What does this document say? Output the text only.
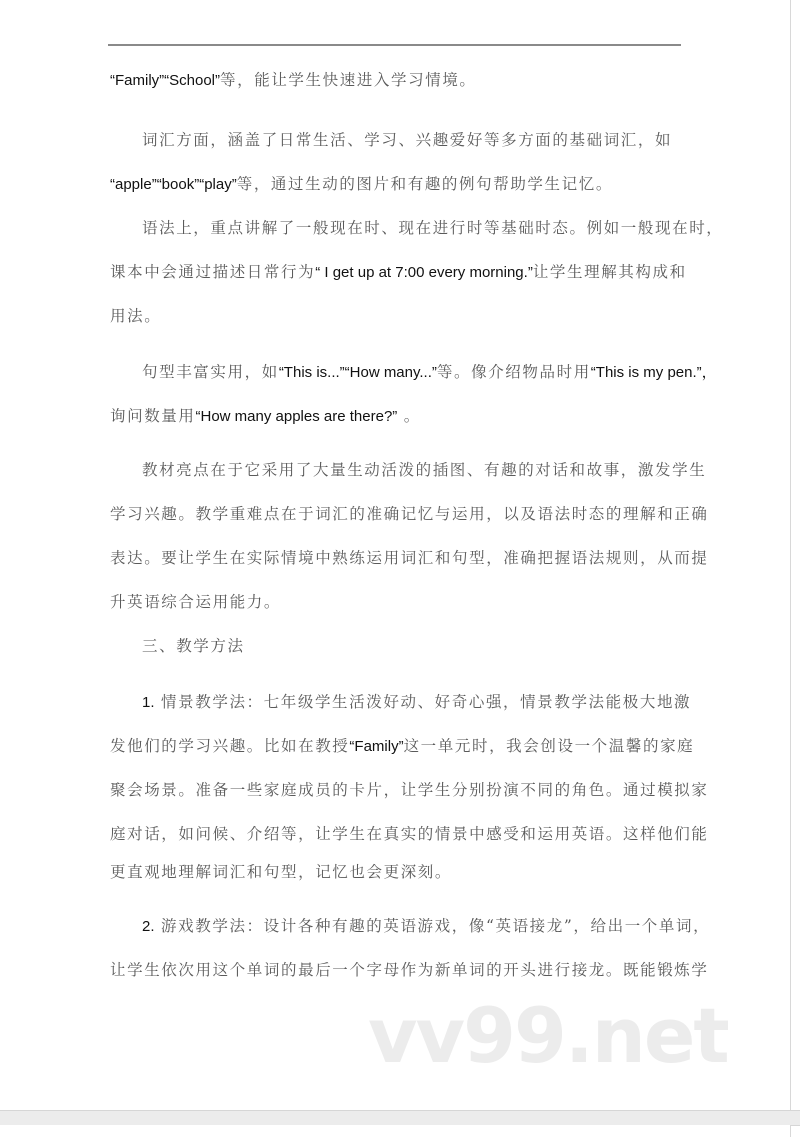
“Family”“School”等，能让学生快速进入学习情境。
词汇方面，涵盖了日常生活、学习、兴趣爱好等多方面的基础词汇，如
“apple”“book”“play”等，通过生动的图片和有趣的例句帮助学生记忆。
语法上，重点讲解了一般现在时、现在进行时等基础时态。例如一般现在时，
课本中会通过描述日常行为“ I get up at 7:00 every morning.”让学生理解其构成和
用法。
句型丰富实用，如“This is...”“How many...”等。像介绍物品时用“This is my pen.”，
询问数量用“How many apples are there?” 。
教材亮点在于它采用了大量生动活泼的插图、有趣的对话和故事，激发学生
学习兴趣。教学重难点在于词汇的准确记忆与运用，以及语法时态的理解和正确
表达。要让学生在实际情境中熟练运用词汇和句型，准确把握语法规则，从而提
升英语综合运用能力。
三、教学方法
1. 情景教学法：七年级学生活泼好动、好奇心强，情景教学法能极大地激
发他们的学习兴趣。比如在教授“Family”这一单元时，我会创设一个温馨的家庭
聚会场景。准备一些家庭成员的卡片，让学生分别扮演不同的角色。通过模拟家
庭对话，如问候、介绍等，让学生在真实的情景中感受和运用英语。这样他们能
更直观地理解词汇和句型，记忆也会更深刻。
2. 游戏教学法：设计各种有趣的英语游戏，像“英语接龙”，给出一个单词，
让学生依次用这个单词的最后一个字母作为新单词的开头进行接龙。既能锻炼学
vv99.net
